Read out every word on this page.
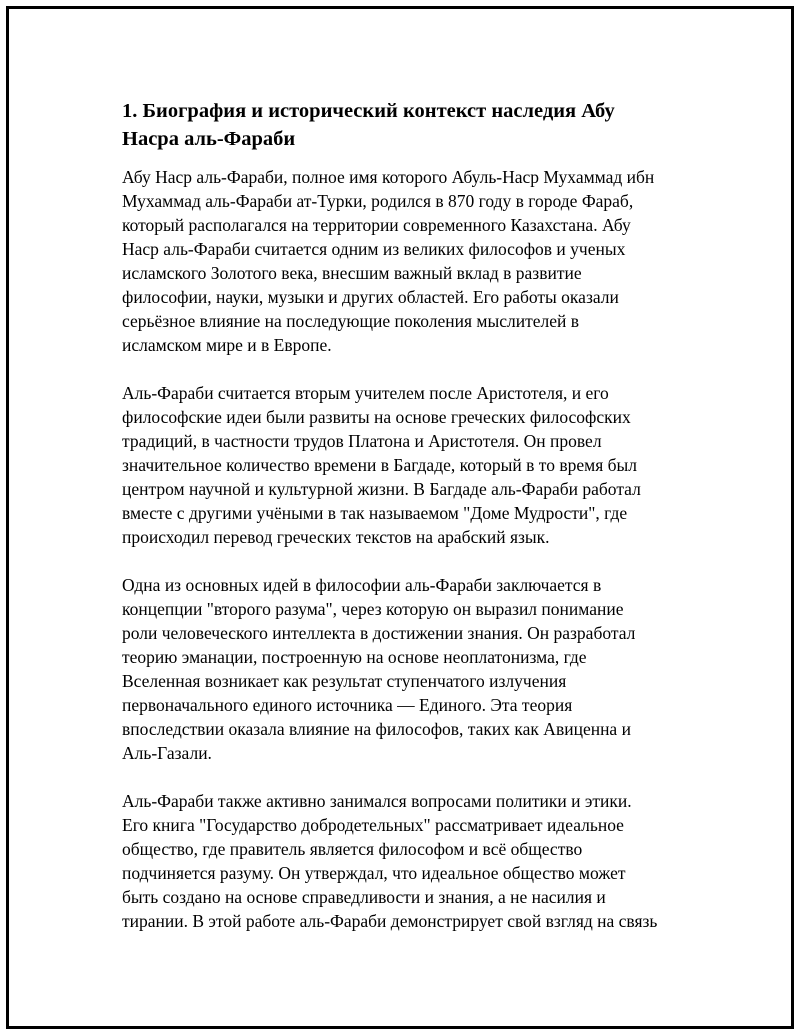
1. Биография и исторический контекст наследия Абу
Насра аль-Фараби

Абу Наср аль-Фараби, полное имя которого Абуль-Наср Мухаммад ибн
Мухаммад аль-Фараби ат-Турки, родился в 870 году в городе Фараб,
который располагался на территории современного Казахстана. Абу
Наср аль-Фараби считается одним из великих философов и ученых
исламского Золотого века, внесшим важный вклад в развитие
философии, науки, музыки и других областей. Его работы оказали
серьёзное влияние на последующие поколения мыслителей в
исламском мире и в Европе.

Аль-Фараби считается вторым учителем после Аристотеля, и его
философские идеи были развиты на основе греческих философских
традиций, в частности трудов Платона и Аристотеля. Он провел
значительное количество времени в Багдаде, который в то время был
центром научной и культурной жизни. В Багдаде аль-Фараби работал
вместе с другими учёными в так называемом "Доме Мудрости", где
происходил перевод греческих текстов на арабский язык.

Одна из основных идей в философии аль-Фараби заключается в
концепции "второго разума", через которую он выразил понимание
роли человеческого интеллекта в достижении знания. Он разработал
теорию эманации, построенную на основе неоплатонизма, где
Вселенная возникает как результат ступенчатого излучения
первоначального единого источника — Единого. Эта теория
впоследствии оказала влияние на философов, таких как Авиценна и
Аль-Газали.

Аль-Фараби также активно занимался вопросами политики и этики.
Его книга "Государство добродетельных" рассматривает идеальное
общество, где правитель является философом и всё общество
подчиняется разуму. Он утверждал, что идеальное общество может
быть создано на основе справедливости и знания, а не насилия и
тирании. В этой работе аль-Фараби демонстрирует свой взгляд на связь
